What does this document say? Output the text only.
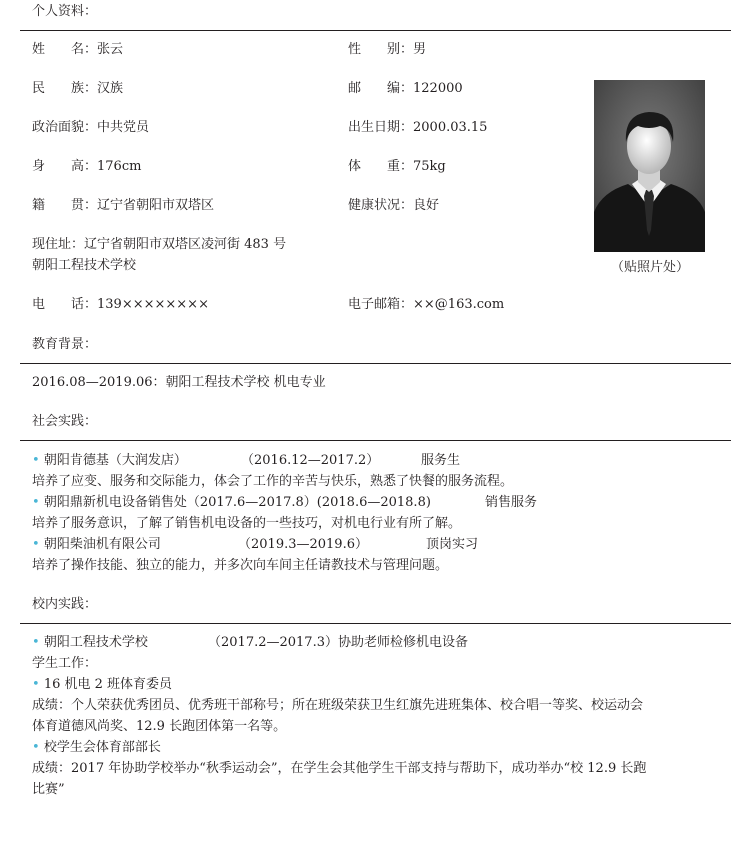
个人资料：
姓　　名：张云	性　　别：男
民　　族：汉族	邮　　编：122000
政治面貌：中共党员	出生日期：2000.03.15
身　　高：176cm	体　　重：75kg
籍　　贯：辽宁省朝阳市双塔区	健康状况：良好
现住址：辽宁省朝阳市双塔区凌河街 483 号
朝阳工程技术学校
电　　话：139××××××××	电子邮箱：××@163.com
（贴照片处）
教育背景：
2016.08—2019.06：朝阳工程技术学校 机电专业
社会实践：
• 朝阳肯德基（大润发店）	（2016.12—2017.2）	服务生
培养了应变、服务和交际能力，体会了工作的辛苦与快乐，熟悉了快餐的服务流程。
• 朝阳鼎新机电设备销售处（2017.6—2017.8）(2018.6—2018.8)	销售服务
培养了服务意识，了解了销售机电设备的一些技巧，对机电行业有所了解。
• 朝阳柴油机有限公司	（2019.3—2019.6）	顶岗实习
培养了操作技能、独立的能力，并多次向车间主任请教技术与管理问题。
校内实践：
• 朝阳工程技术学校	（2017.2—2017.3）协助老师检修机电设备
学生工作：
• 16 机电 2 班体育委员
成绩：个人荣获优秀团员、优秀班干部称号；所在班级荣获卫生红旗先进班集体、校合唱一等奖、校运动会
体育道德风尚奖、12.9 长跑团体第一名等。
• 校学生会体育部部长
成绩：2017 年协助学校举办“秋季运动会”，在学生会其他学生干部支持与帮助下，成功举办“校 12.9 长跑
比赛”
